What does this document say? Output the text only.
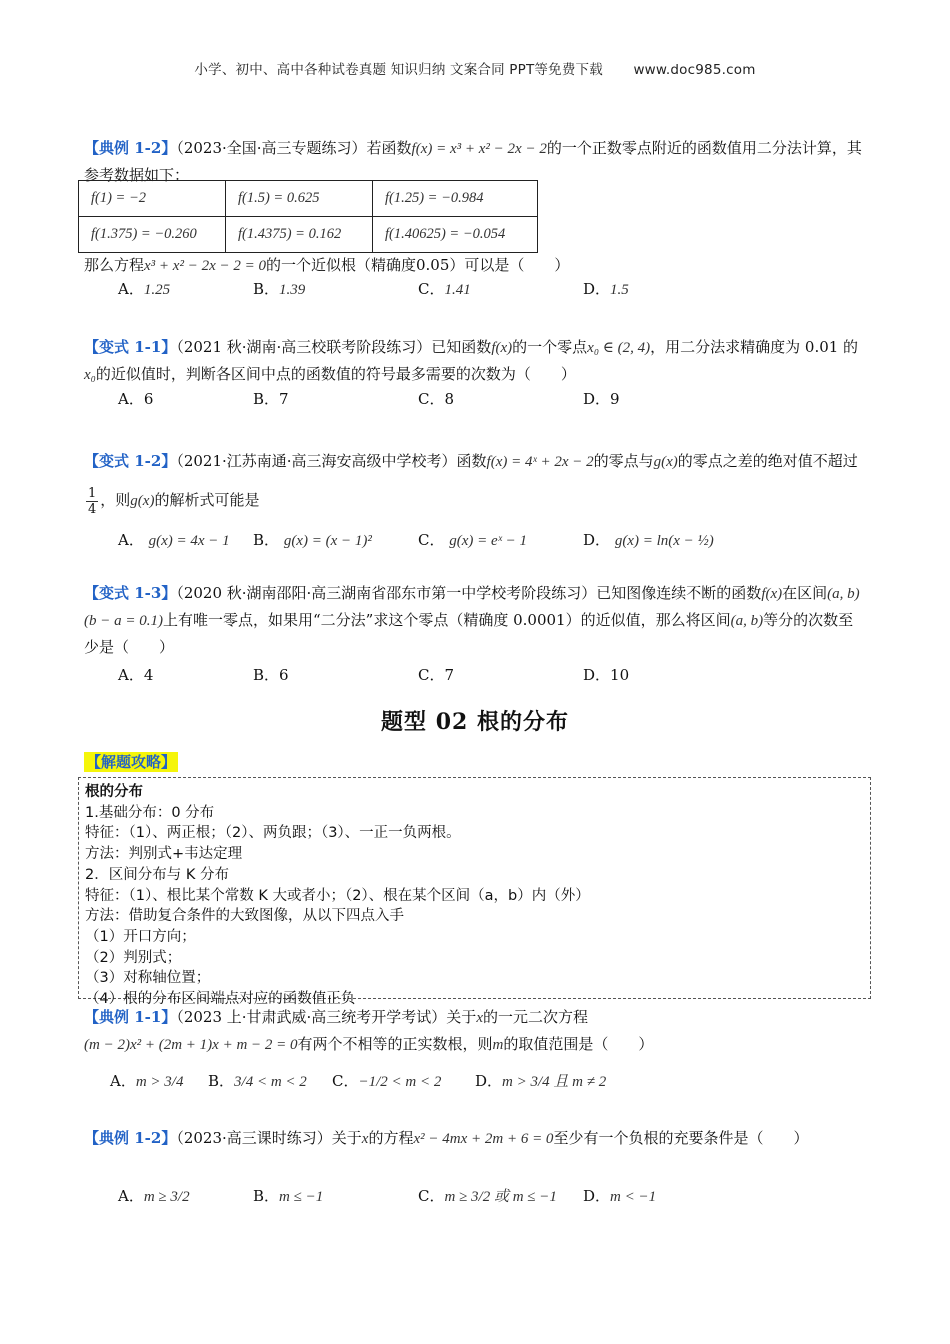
小学、初中、高中各种试卷真题 知识归纳 文案合同 PPT等免费下载 www.doc985.com
【典例 1-2】（2023·全国·高三专题练习）若函数f(x) = x³ + x² − 2x − 2的一个正数零点附近的函数值用二分法计算，其参考数据如下：
f(1) = −2	f(1.5) = 0.625	f(1.25) = −0.984
f(1.375) = −0.260	f(1.4375) = 0.162	f(1.40625) = −0.054
那么方程x³ + x² − 2x − 2 = 0的一个近似根（精确度0.05）可以是（　　）
A．1.25	B．1.39	C．1.41	D．1.5
【变式 1-1】（2021 秋·湖南·高三校联考阶段练习）已知函数f(x)的一个零点x₀ ∈ (2, 4)，用二分法求精确度为 0.01 的x₀的近似值时，判断各区间中点的函数值的符号最多需要的次数为（　　）
A．6	B．7	C．8	D．9
【变式 1-2】（2021·江苏南通·高三海安高级中学校考）函数f(x) = 4ˣ + 2x − 2的零点与g(x)的零点之差的绝对值不超过
$\frac{1}{4}$ ，则g(x)的解析式可能是
A． g(x) = 4x − 1 B． g(x) = (x − 1)²	C． g(x) = eˣ − 1	D． g(x) = ln(x − ½)
【变式 1-3】（2020 秋·湖南邵阳·高三湖南省邵东市第一中学校考阶段练习）已知图像连续不断的函数f(x)在区间(a, b)(b − a = 0.1)上有唯一零点，如果用“二分法”求这个零点（精确度 0.0001）的近似值，那么将区间(a, b)等分的次数至少是（　　）
A．4	B．6	C．7	D．10
题型 02 根的分布
【解题攻略】
根的分布
1.基础分布：0 分布
特征：（1）、两正根；（2）、两负跟；（3）、一正一负两根。
方法：判别式+韦达定理
2．区间分布与 K 分布
特征：（1）、根比某个常数 K 大或者小；（2）、根在某个区间（a，b）内（外）
方法：借助复合条件的大致图像，从以下四点入手
（1）开口方向；
（2）判别式；
（3）对称轴位置；
（4）根的分布区间端点对应的函数值正负
【典例 1-1】（2023 上·甘肃武威·高三统考开学考试）关于x的一元二次方程
(m − 2)x² + (2m + 1)x + m − 2 = 0有两个不相等的正实数根，则m的取值范围是（　　）
A．m > 3/4 B．3/4 < m < 2 C．−1/2 < m < 2 D．m > 3/4 且 m ≠ 2
【典例 1-2】（2023·高三课时练习）关于x的方程x² − 4mx + 2m + 6 = 0至少有一个负根的充要条件是（　　）
A．m ≥ 3/2	B．m ≤ −1	C．m ≥ 3/2 或 m ≤ −1 D．m < −1
